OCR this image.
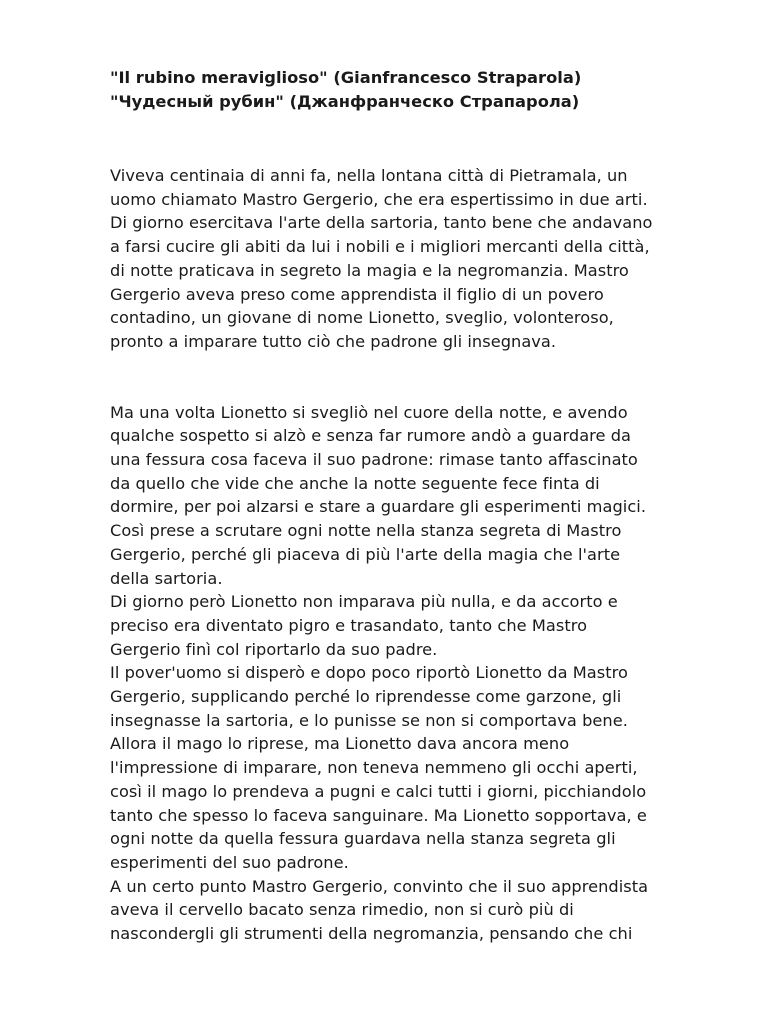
"Il rubino meraviglioso" (Gianfrancesco Straparola)

"Чудесный рубин" (Джанфранческо Страпарола)

Viveva centinaia di anni fa, nella lontana città di Pietramala, un
uomo chiamato Mastro Gergerio, che era espertissimo in due arti.
Di giorno esercitava l'arte della sartoria, tanto bene che andavano
a farsi cucire gli abiti da lui i nobili e i migliori mercanti della città,
di notte praticava in segreto la magia e la negromanzia. Mastro
Gergerio aveva preso come apprendista il figlio di un povero
contadino, un giovane di nome Lionetto, sveglio, volonteroso,
pronto a imparare tutto ciò che padrone gli insegnava.

Ma una volta Lionetto si svegliò nel cuore della notte, e avendo
qualche sospetto si alzò e senza far rumore andò a guardare da
una fessura cosa faceva il suo padrone: rimase tanto affascinato
da quello che vide che anche la notte seguente fece finta di
dormire, per poi alzarsi e stare a guardare gli esperimenti magici.
Così prese a scrutare ogni notte nella stanza segreta di Mastro
Gergerio, perché gli piaceva di più l'arte della magia che l'arte
della sartoria.
Di giorno però Lionetto non imparava più nulla, e da accorto e
preciso era diventato pigro e trasandato, tanto che Mastro
Gergerio finì col riportarlo da suo padre.
Il pover'uomo si disperò e dopo poco riportò Lionetto da Mastro
Gergerio, supplicando perché lo riprendesse come garzone, gli
insegnasse la sartoria, e lo punisse se non si comportava bene.
Allora il mago lo riprese, ma Lionetto dava ancora meno
l'impressione di imparare, non teneva nemmeno gli occhi aperti,
così il mago lo prendeva a pugni e calci tutti i giorni, picchiandolo
tanto che spesso lo faceva sanguinare. Ma Lionetto sopportava, e
ogni notte da quella fessura guardava nella stanza segreta gli
esperimenti del suo padrone.
A un certo punto Mastro Gergerio, convinto che il suo apprendista
aveva il cervello bacato senza rimedio, non si curò più di
nascondergli gli strumenti della negromanzia, pensando che chi
